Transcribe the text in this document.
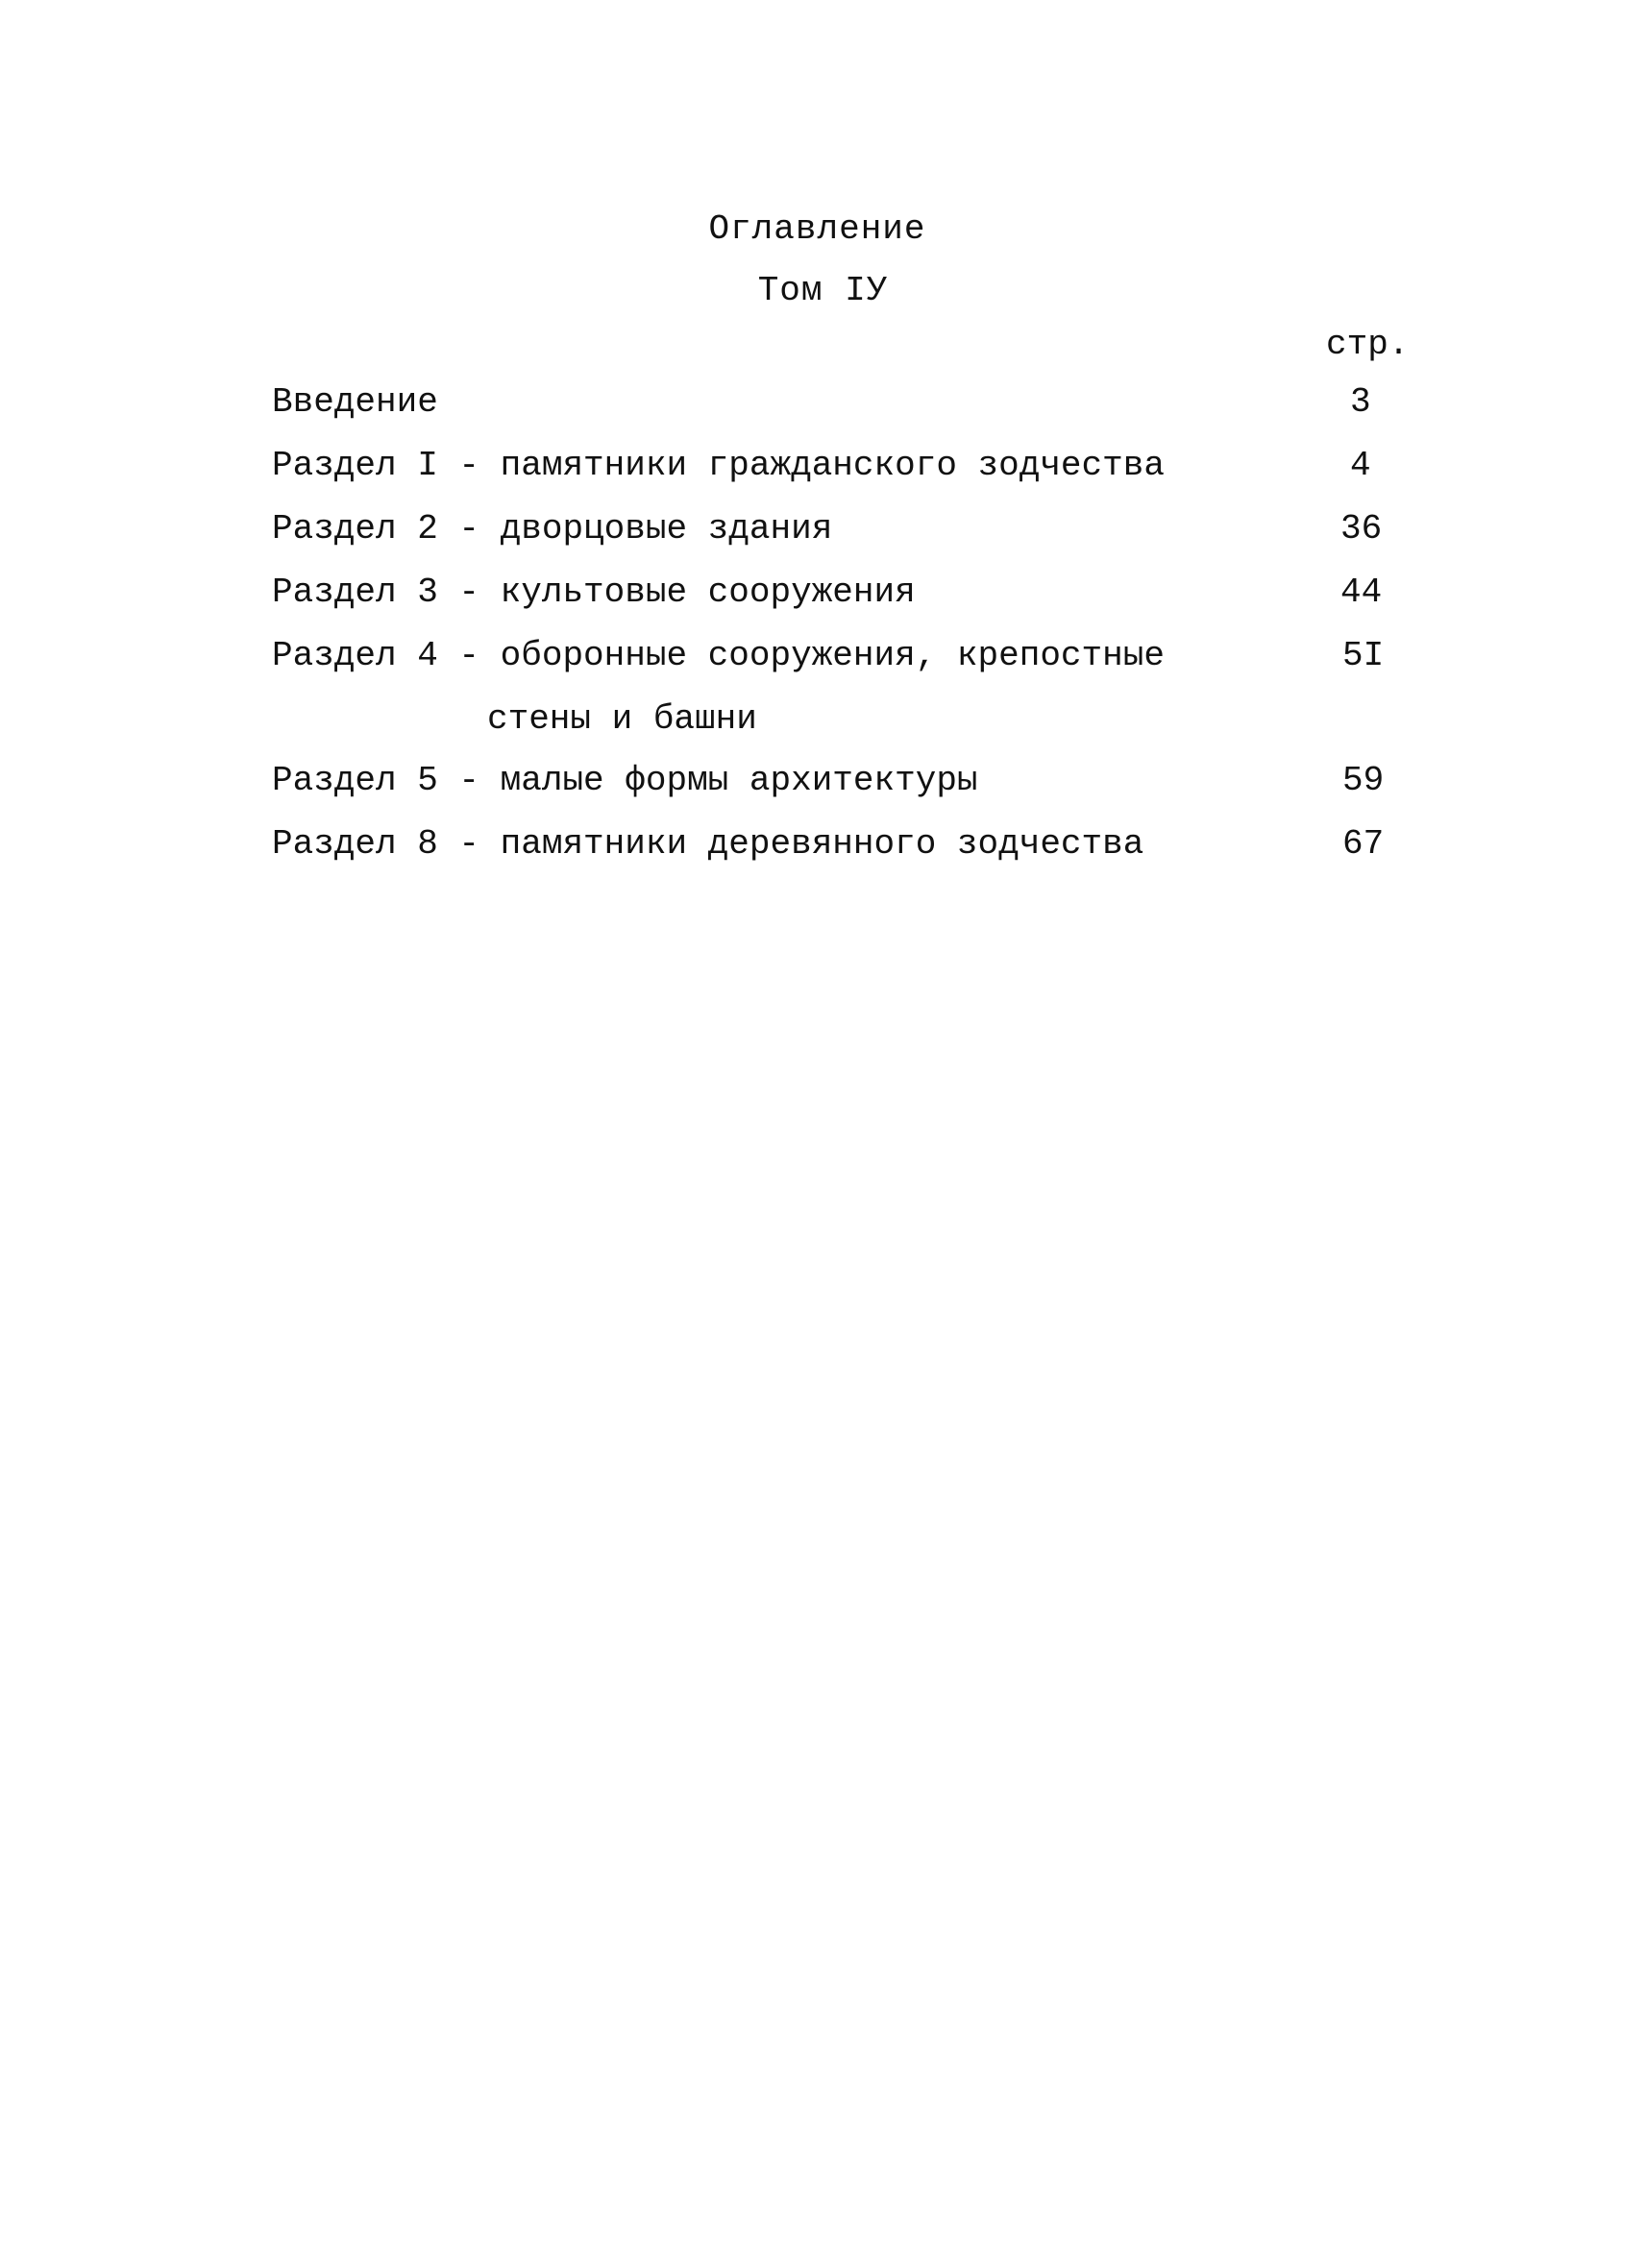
Оглавление
Том IУ
стр.
Введение	3
Раздел I - памятники гражданского зодчества	4
Раздел 2 - дворцовые здания	36
Раздел 3 - культовые сооружения	44
Раздел 4 - оборонные сооружения, крепостные	5I
стены и башни
Раздел 5 - малые формы архитектуры	59
Раздел 8 - памятники деревянного зодчества	67
